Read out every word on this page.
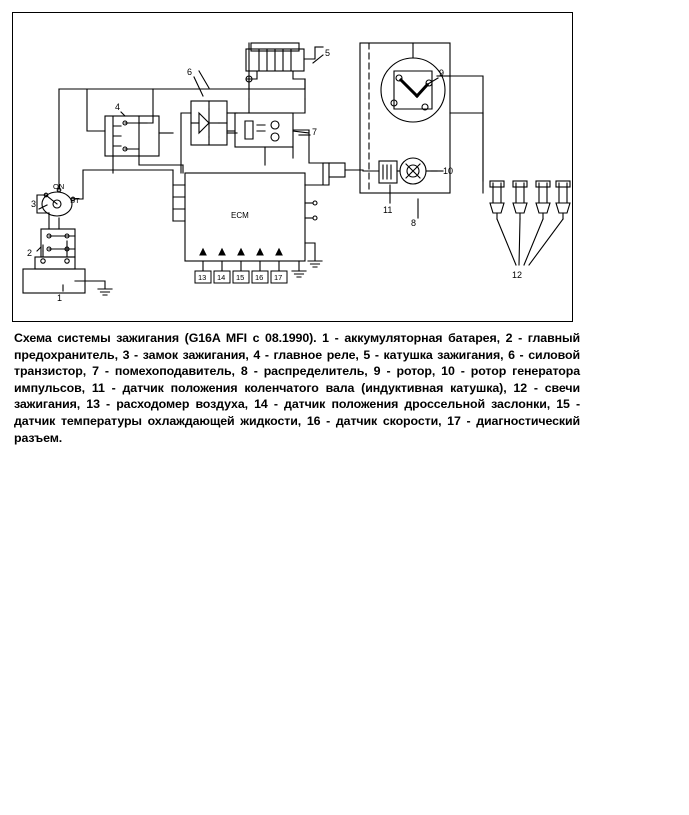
ECM
ON
ST
1
2
3
4
5
6
7
8
9
10
11
12
13 14 15 16 17
Схема системы зажигания (G16A MFI с 08.1990). 1 - аккумуляторная батарея, 2 - главный предохранитель, 3 - замок зажигания, 4 - главное реле, 5 - катушка зажигания, 6 - силовой транзистор, 7 - помехоподавитель, 8 - распределитель, 9 - ротор, 10 - ротор генератора импульсов, 11 - датчик положения коленчатого вала (индуктивная катушка), 12 - свечи зажигания, 13 - расходомер воздуха, 14 - датчик положения дроссельной заслонки, 15 - датчик температуры охлаждающей жидкости, 16 - датчик скорости, 17 - диагностический разъем.
